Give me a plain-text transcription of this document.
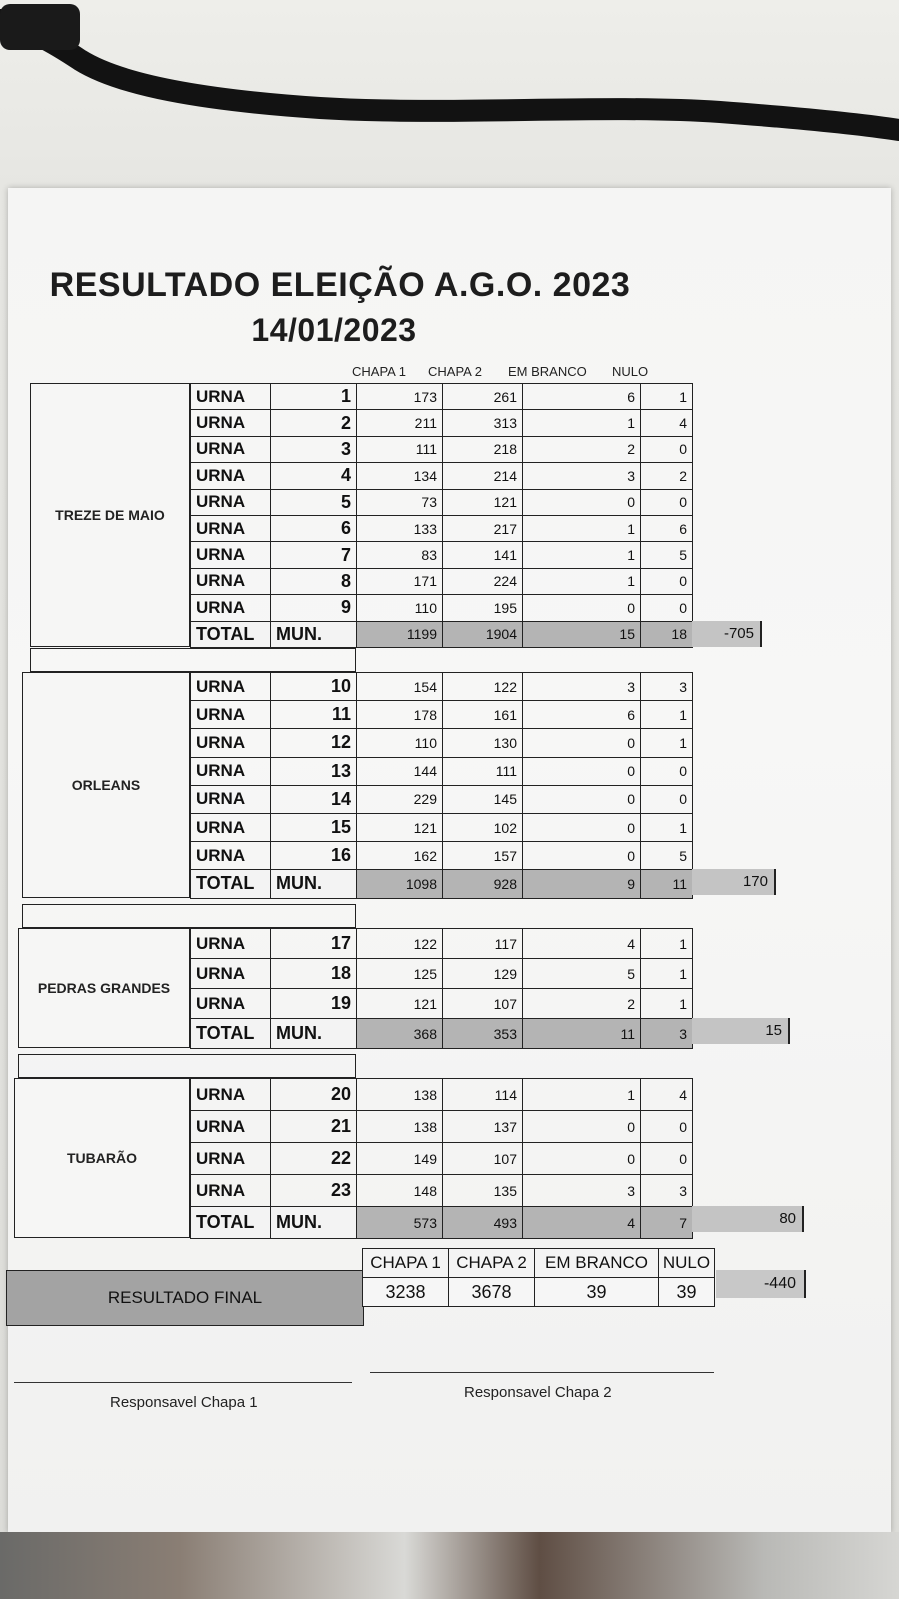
RESULTADO ELEIÇÃO A.G.O. 2023
14/01/2023
CHAPA 1 CHAPA 2 EM BRANCO NULO
TREZE DE MAIO
URNA	1	173	261	6	1
URNA	2	211	313	1	4
URNA	3	111	218	2	0
URNA	4	134	214	3	2
URNA	5	73	121	0	0
URNA	6	133	217	1	6
URNA	7	83	141	1	5
URNA	8	171	224	1	0
URNA	9	110	195	0	0
TOTAL	MUN.	1199	1904	15	18	-705
ORLEANS
URNA	10	154	122	3	3
URNA	11	178	161	6	1
URNA	12	110	130	0	1
URNA	13	144	111	0	0
URNA	14	229	145	0	0
URNA	15	121	102	0	1
URNA	16	162	157	0	5
TOTAL	MUN.	1098	928	9	11	170
PEDRAS GRANDES
URNA	17	122	117	4	1
URNA	18	125	129	5	1
URNA	19	121	107	2	1
TOTAL	MUN.	368	353	11	3	15
TUBARÃO
URNA	20	138	114	1	4
URNA	21	138	137	0	0
URNA	22	149	107	0	0
URNA	23	148	135	3	3
TOTAL	MUN.	573	493	4	7	80
RESULTADO FINAL
CHAPA 1	CHAPA 2	EM BRANCO	NULO
3238	3678	39	39	-440
Responsavel Chapa 1
Responsavel Chapa 2
